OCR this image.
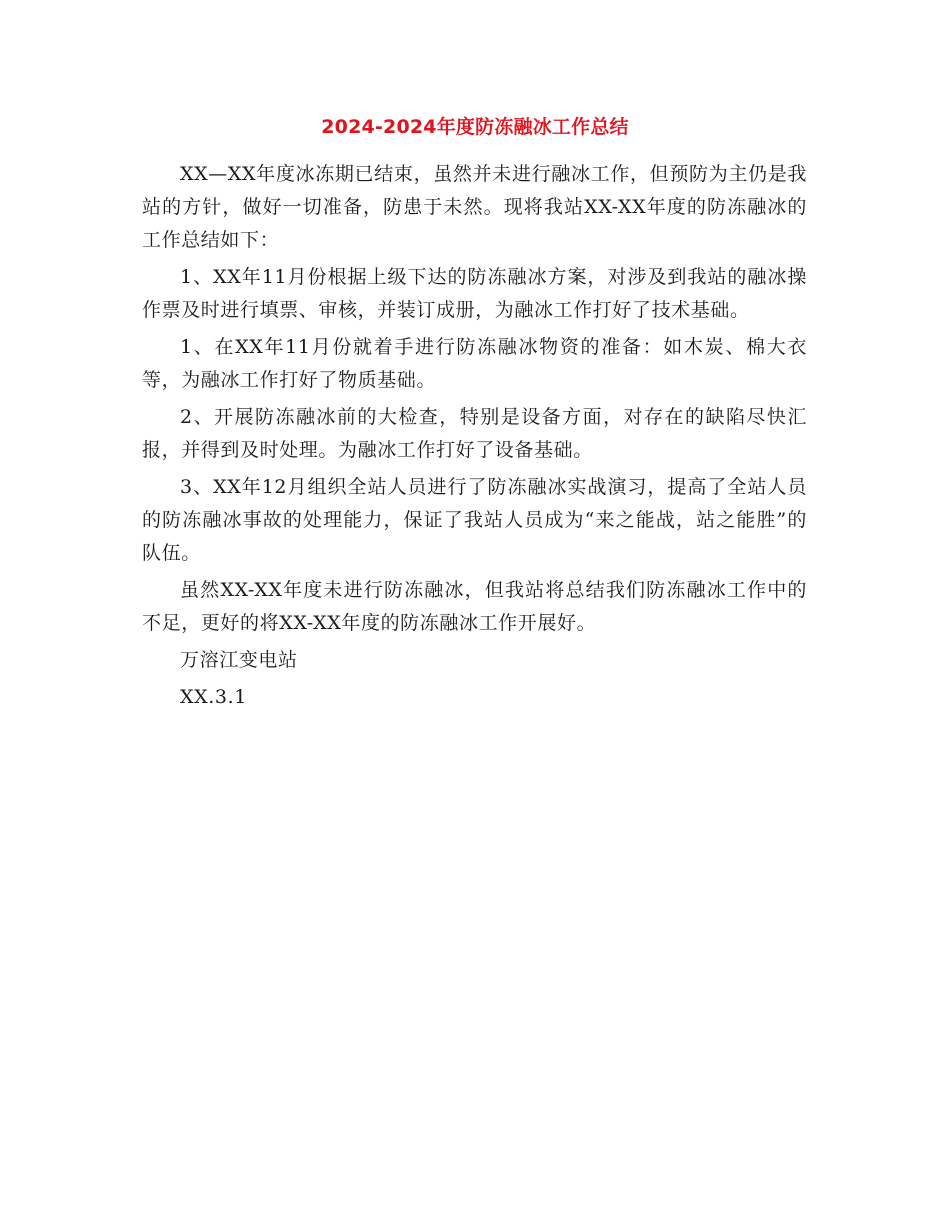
2024-2024年度防冻融冰工作总结

XX—XX年度冰冻期已结束，虽然并未进行融冰工作，但预防为主仍是我站的方针，做好一切准备，防患于未然。现将我站XX-XX年度的防冻融冰的工作总结如下：

1、XX年11月份根据上级下达的防冻融冰方案，对涉及到我站的融冰操作票及时进行填票、审核，并装订成册，为融冰工作打好了技术基础。

1、在XX年11月份就着手进行防冻融冰物资的准备：如木炭、棉大衣等，为融冰工作打好了物质基础。

2、开展防冻融冰前的大检查，特别是设备方面，对存在的缺陷尽快汇报，并得到及时处理。为融冰工作打好了设备基础。

3、XX年12月组织全站人员进行了防冻融冰实战演习，提高了全站人员的防冻融冰事故的处理能力，保证了我站人员成为“来之能战，站之能胜”的队伍。

虽然XX-XX年度未进行防冻融冰，但我站将总结我们防冻融冰工作中的不足，更好的将XX-XX年度的防冻融冰工作开展好。

万溶江变电站

XX.3.1
